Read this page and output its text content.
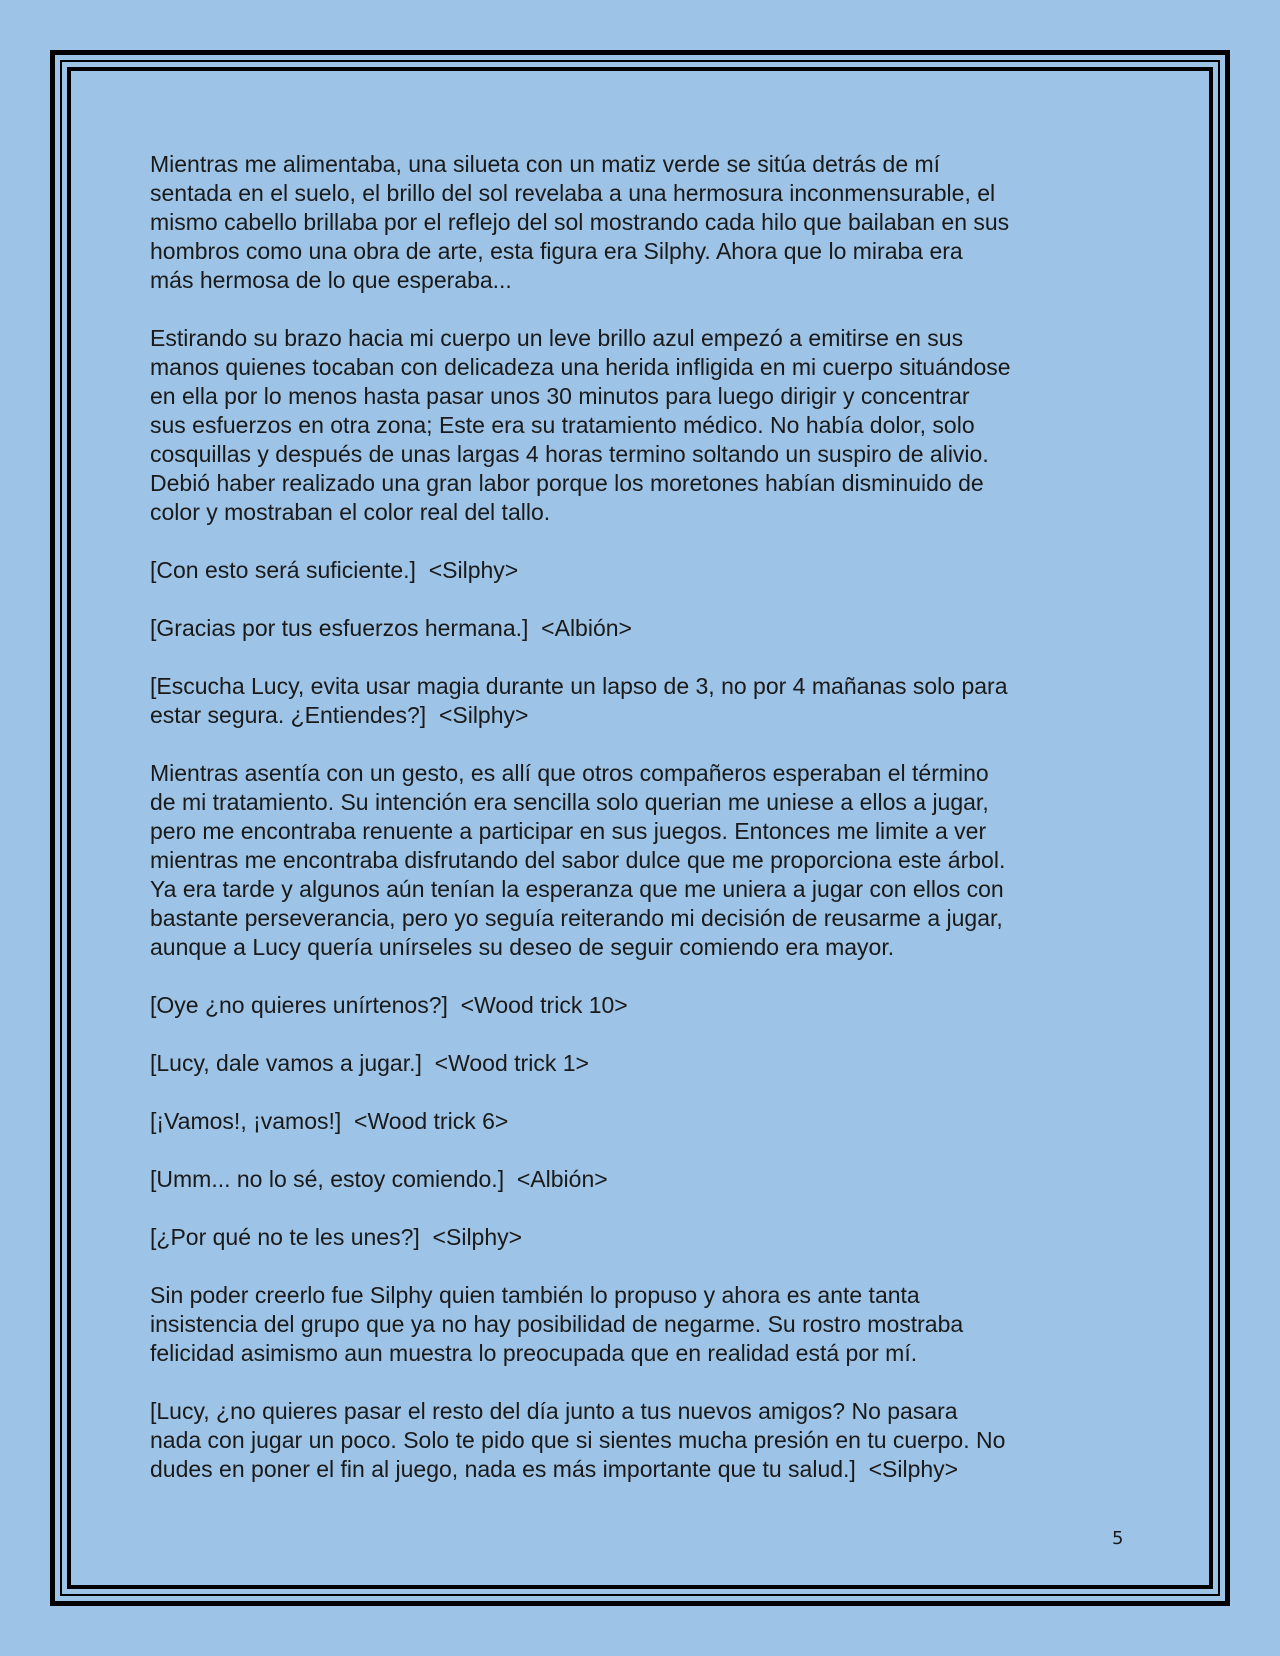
Mientras me alimentaba, una silueta con un matiz verde se sitúa detrás de mí
sentada en el suelo, el brillo del sol revelaba a una hermosura inconmensurable, el
mismo cabello brillaba por el reflejo del sol mostrando cada hilo que bailaban en sus
hombros como una obra de arte, esta figura era Silphy. Ahora que lo miraba era
más hermosa de lo que esperaba...

Estirando su brazo hacia mi cuerpo un leve brillo azul empezó a emitirse en sus
manos quienes tocaban con delicadeza una herida infligida en mi cuerpo situándose
en ella por lo menos hasta pasar unos 30 minutos para luego dirigir y concentrar
sus esfuerzos en otra zona; Este era su tratamiento médico. No había dolor, solo
cosquillas y después de unas largas 4 horas termino soltando un suspiro de alivio.
Debió haber realizado una gran labor porque los moretones habían disminuido de
color y mostraban el color real del tallo.

[Con esto será suficiente.]  <Silphy>

[Gracias por tus esfuerzos hermana.]  <Albión>

[Escucha Lucy, evita usar magia durante un lapso de 3, no por 4 mañanas solo para
estar segura. ¿Entiendes?]  <Silphy>

Mientras asentía con un gesto, es allí que otros compañeros esperaban el término
de mi tratamiento. Su intención era sencilla solo querian me uniese a ellos a jugar,
pero me encontraba renuente a participar en sus juegos. Entonces me limite a ver
mientras me encontraba disfrutando del sabor dulce que me proporciona este árbol.
Ya era tarde y algunos aún tenían la esperanza que me uniera a jugar con ellos con
bastante perseverancia, pero yo seguía reiterando mi decisión de reusarme a jugar,
aunque a Lucy quería unírseles su deseo de seguir comiendo era mayor.

[Oye ¿no quieres unírtenos?]  <Wood trick 10>

[Lucy, dale vamos a jugar.]  <Wood trick 1>

[¡Vamos!, ¡vamos!]  <Wood trick 6>

[Umm... no lo sé, estoy comiendo.]  <Albión>

[¿Por qué no te les unes?]  <Silphy>

Sin poder creerlo fue Silphy quien también lo propuso y ahora es ante tanta
insistencia del grupo que ya no hay posibilidad de negarme. Su rostro mostraba
felicidad asimismo aun muestra lo preocupada que en realidad está por mí.

[Lucy, ¿no quieres pasar el resto del día junto a tus nuevos amigos? No pasara
nada con jugar un poco. Solo te pido que si sientes mucha presión en tu cuerpo. No
dudes en poner el fin al juego, nada es más importante que tu salud.]  <Silphy>

5
